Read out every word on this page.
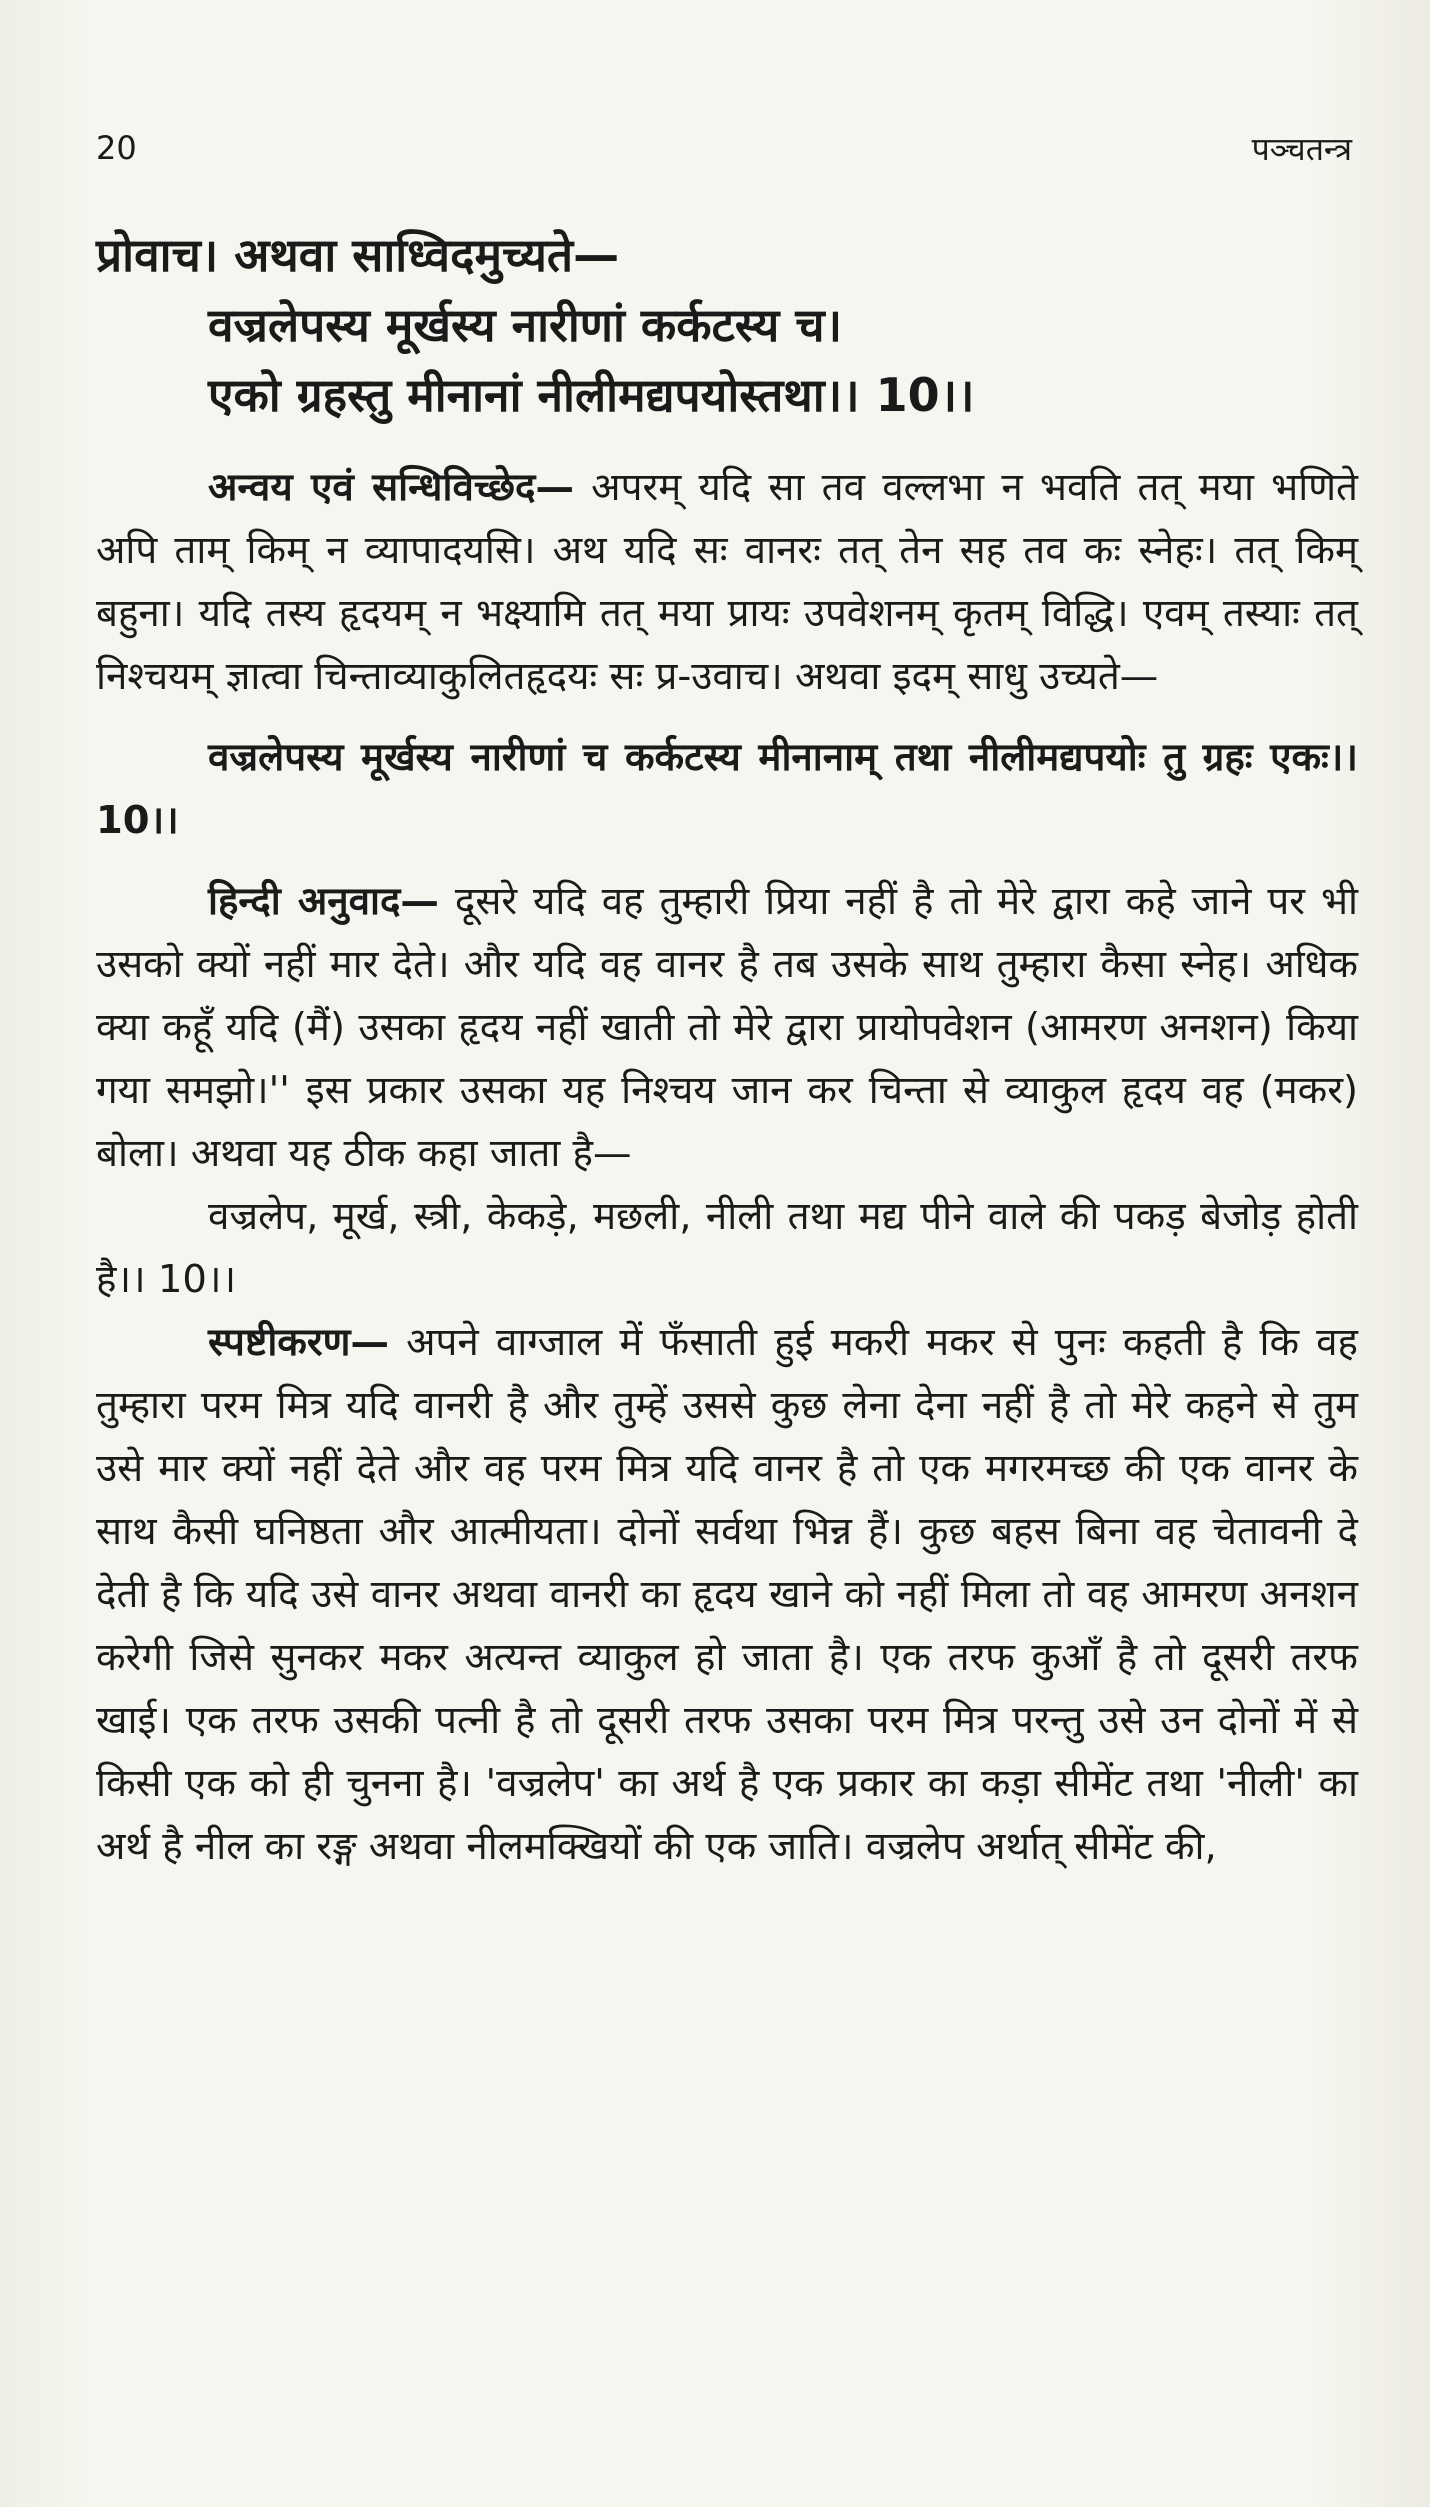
20	पञ्चतन्त्र

प्रोवाच। अथवा साध्विदमुच्यते—

वज्रलेपस्य मूर्खस्य नारीणां कर्कटस्य च।

एको ग्रहस्तु मीनानां नीलीमद्यपयोस्तथा।। 10।।

अन्वय एवं सन्धिविच्छेद— अपरम् यदि सा तव वल्लभा न भवति तत् मया भणिते अपि ताम् किम् न व्यापादयसि। अथ यदि सः वानरः तत् तेन सह तव कः स्नेहः। तत् किम् बहुना। यदि तस्य हृदयम् न भक्ष्यामि तत् मया प्रायः उपवेशनम् कृतम् विद्धि। एवम् तस्याः तत् निश्चयम् ज्ञात्वा चिन्ताव्याकुलितहृदयः सः प्र-उवाच। अथवा इदम् साधु उच्यते—

वज्रलेपस्य मूर्खस्य नारीणां च कर्कटस्य मीनानाम् तथा नीलीमद्यपयोः तु ग्रहः एकः।। 10।।

हिन्दी अनुवाद— दूसरे यदि वह तुम्हारी प्रिया नहीं है तो मेरे द्वारा कहे जाने पर भी उसको क्यों नहीं मार देते। और यदि वह वानर है तब उसके साथ तुम्हारा कैसा स्नेह। अधिक क्या कहूँ यदि (मैं) उसका हृदय नहीं खाती तो मेरे द्वारा प्रायोपवेशन (आमरण अनशन) किया गया समझो।'' इस प्रकार उसका यह निश्चय जान कर चिन्ता से व्याकुल हृदय वह (मकर) बोला। अथवा यह ठीक कहा जाता है—

वज्रलेप, मूर्ख, स्त्री, केकड़े, मछली, नीली तथा मद्य पीने वाले की पकड़ बेजोड़ होती है।। 10।।

स्पष्टीकरण— अपने वाग्जाल में फँसाती हुई मकरी मकर से पुनः कहती है कि वह तुम्हारा परम मित्र यदि वानरी है और तुम्हें उससे कुछ लेना देना नहीं है तो मेरे कहने से तुम उसे मार क्यों नहीं देते और वह परम मित्र यदि वानर है तो एक मगरमच्छ की एक वानर के साथ कैसी घनिष्ठता और आत्मीयता। दोनों सर्वथा भिन्न हैं। कुछ बहस बिना वह चेतावनी दे देती है कि यदि उसे वानर अथवा वानरी का हृदय खाने को नहीं मिला तो वह आमरण अनशन करेगी जिसे सुनकर मकर अत्यन्त व्याकुल हो जाता है। एक तरफ कुआँ है तो दूसरी तरफ खाई। एक तरफ उसकी पत्नी है तो दूसरी तरफ उसका परम मित्र परन्तु उसे उन दोनों में से किसी एक को ही चुनना है। 'वज्रलेप' का अर्थ है एक प्रकार का कड़ा सीमेंट तथा 'नीली' का अर्थ है नील का रङ्ग अथवा नीलमक्खियों की एक जाति। वज्रलेप अर्थात् सीमेंट की,
